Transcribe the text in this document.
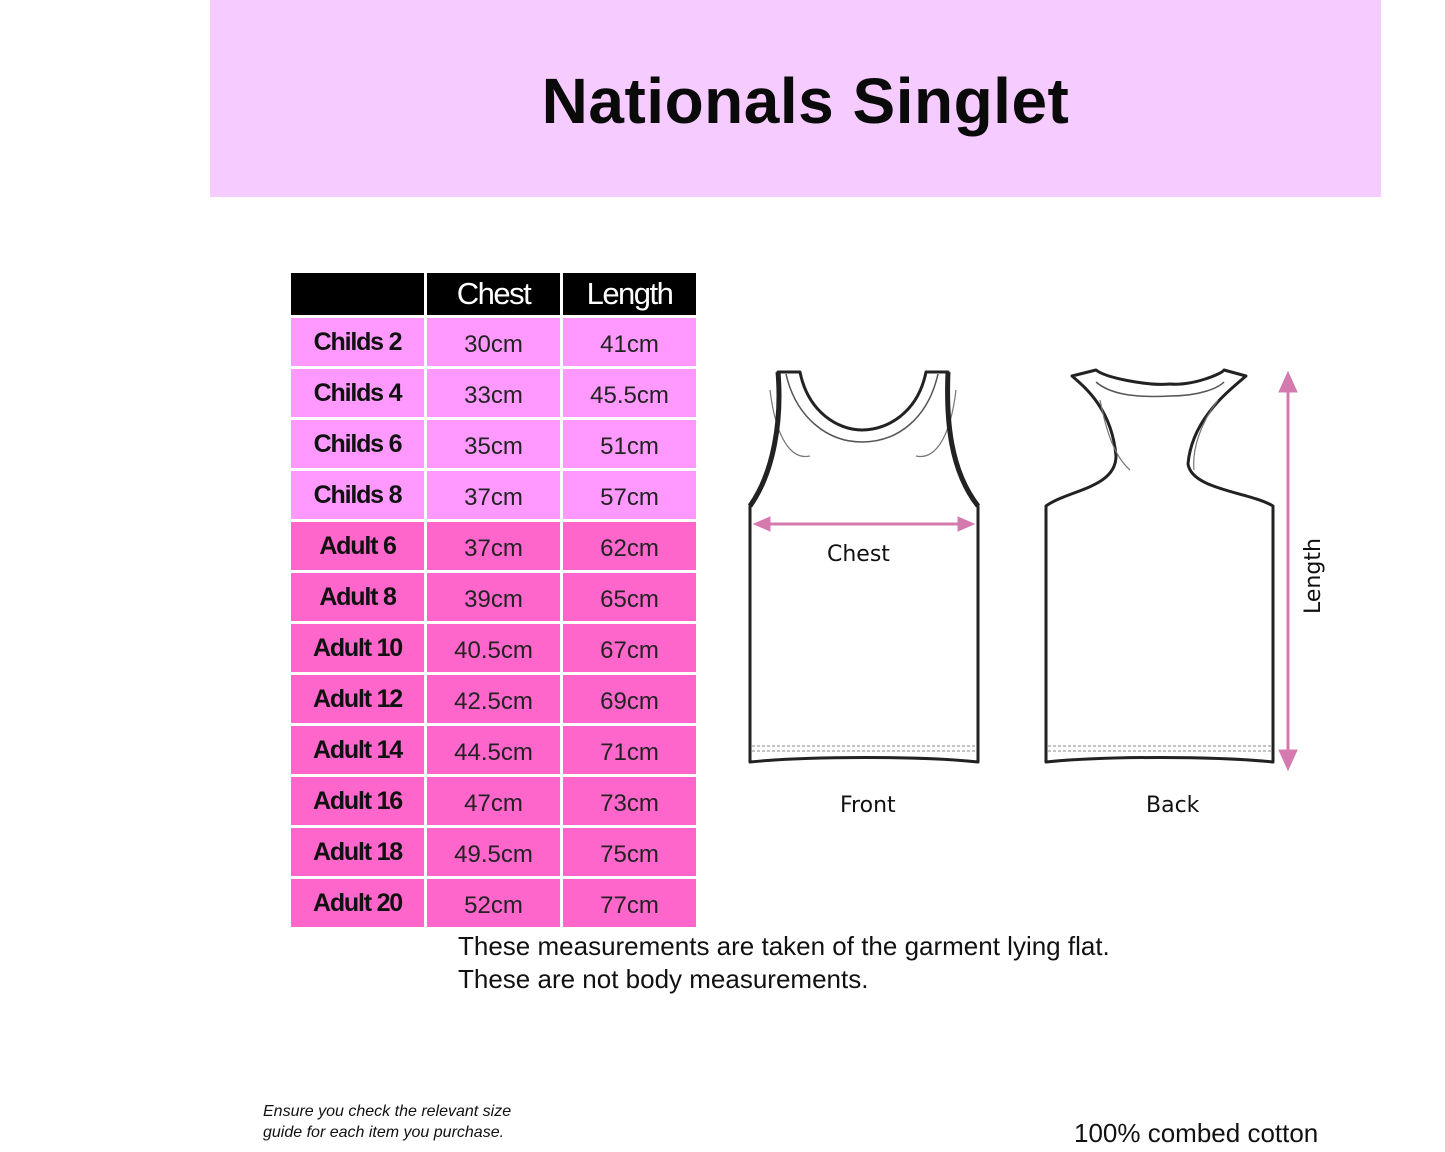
Nationals Singlet
	Chest	Length
Childs 2	30cm	41cm
Childs 4	33cm	45.5cm
Childs 6	35cm	51cm
Childs 8	37cm	57cm
Adult 6	37cm	62cm
Adult 8	39cm	65cm
Adult 10	40.5cm	67cm
Adult 12	42.5cm	69cm
Adult 14	44.5cm	71cm
Adult 16	47cm	73cm
Adult 18	49.5cm	75cm
Adult 20	52cm	77cm
Chest	Length
Front	Back
These measurements are taken of the garment lying flat.
These are not body measurements.
Ensure you check the relevant size
guide for each item you purchase.	100% combed cotton
